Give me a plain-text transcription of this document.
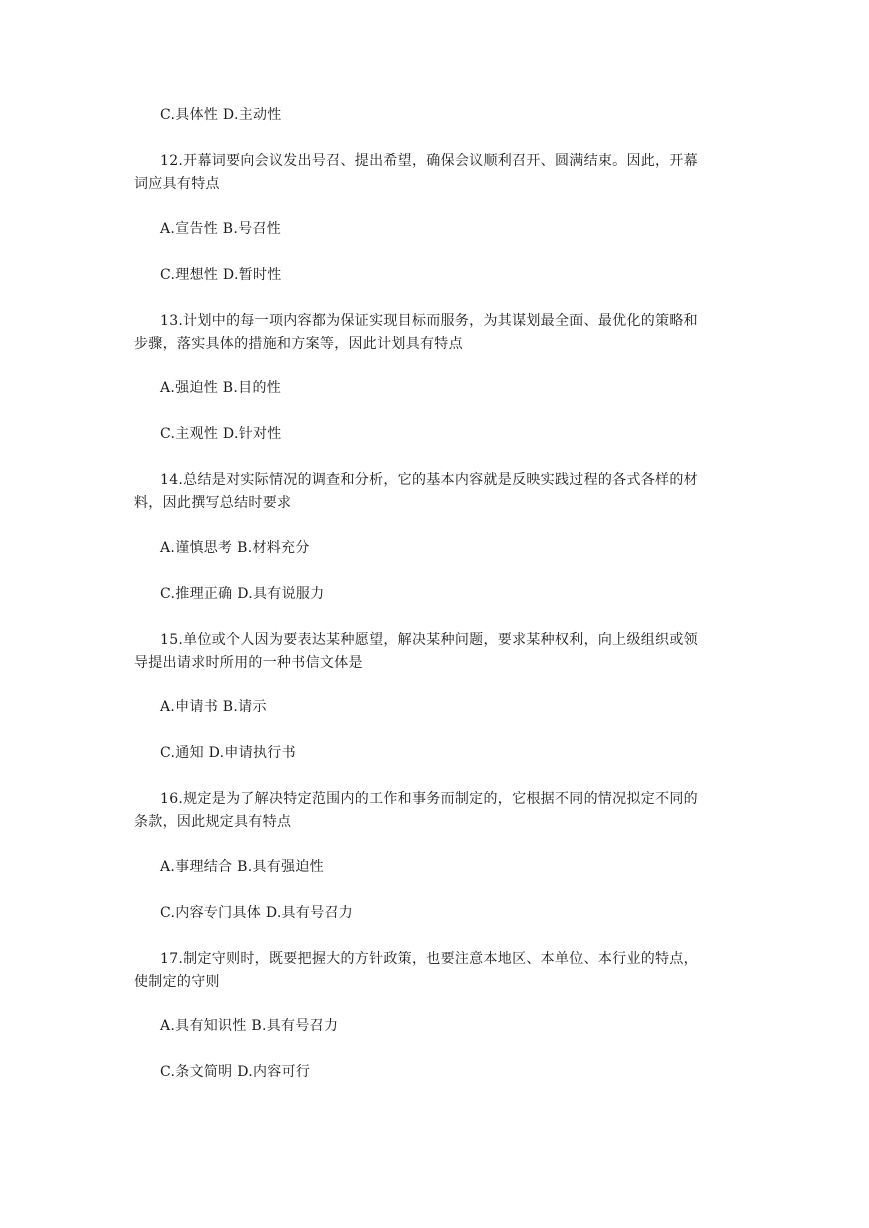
C.具体性 D.主动性
12.开幕词要向会议发出号召、提出希望，确保会议顺利召开、圆满结束。因此，开幕
词应具有特点
A.宣告性 B.号召性
C.理想性 D.暂时性
13.计划中的每一项内容都为保证实现目标而服务，为其谋划最全面、最优化的策略和
步骤，落实具体的措施和方案等，因此计划具有特点
A.强迫性 B.目的性
C.主观性 D.针对性
14.总结是对实际情况的调查和分析，它的基本内容就是反映实践过程的各式各样的材
料，因此撰写总结时要求
A.谨慎思考 B.材料充分
C.推理正确 D.具有说服力
15.单位或个人因为要表达某种愿望，解决某种问题，要求某种权利，向上级组织或领
导提出请求时所用的一种书信文体是
A.申请书 B.请示
C.通知 D.申请执行书
16.规定是为了解决特定范围内的工作和事务而制定的，它根据不同的情况拟定不同的
条款，因此规定具有特点
A.事理结合 B.具有强迫性
C.内容专门具体 D.具有号召力
17.制定守则时，既要把握大的方针政策，也要注意本地区、本单位、本行业的特点，
使制定的守则
A.具有知识性 B.具有号召力
C.条文简明 D.内容可行
